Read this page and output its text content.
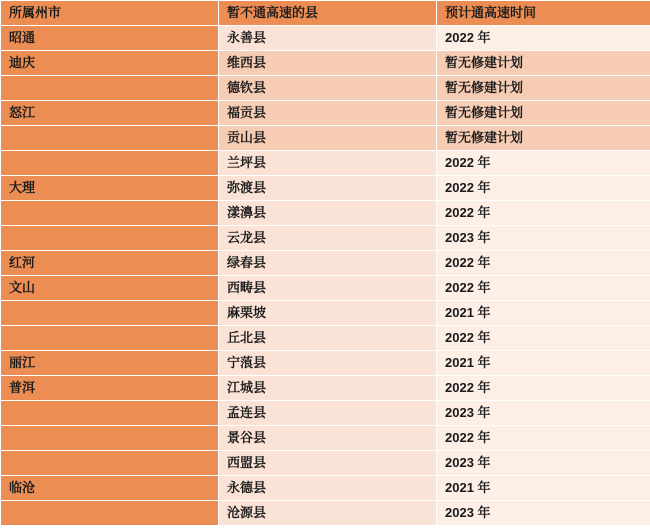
所属州市	暂不通高速的县	预计通高速时间
昭通	永善县	2022 年
迪庆	维西县	暂无修建计划
	德钦县	暂无修建计划
怒江	福贡县	暂无修建计划
	贡山县	暂无修建计划
	兰坪县	2022 年
大理	弥渡县	2022 年
	漾濞县	2022 年
	云龙县	2023 年
红河	绿春县	2022 年
文山	西畴县	2022 年
	麻栗坡	2021 年
	丘北县	2022 年
丽江	宁蒗县	2021 年
普洱	江城县	2022 年
	孟连县	2023 年
	景谷县	2022 年
	西盟县	2023 年
临沧	永德县	2021 年
	沧源县	2023 年
